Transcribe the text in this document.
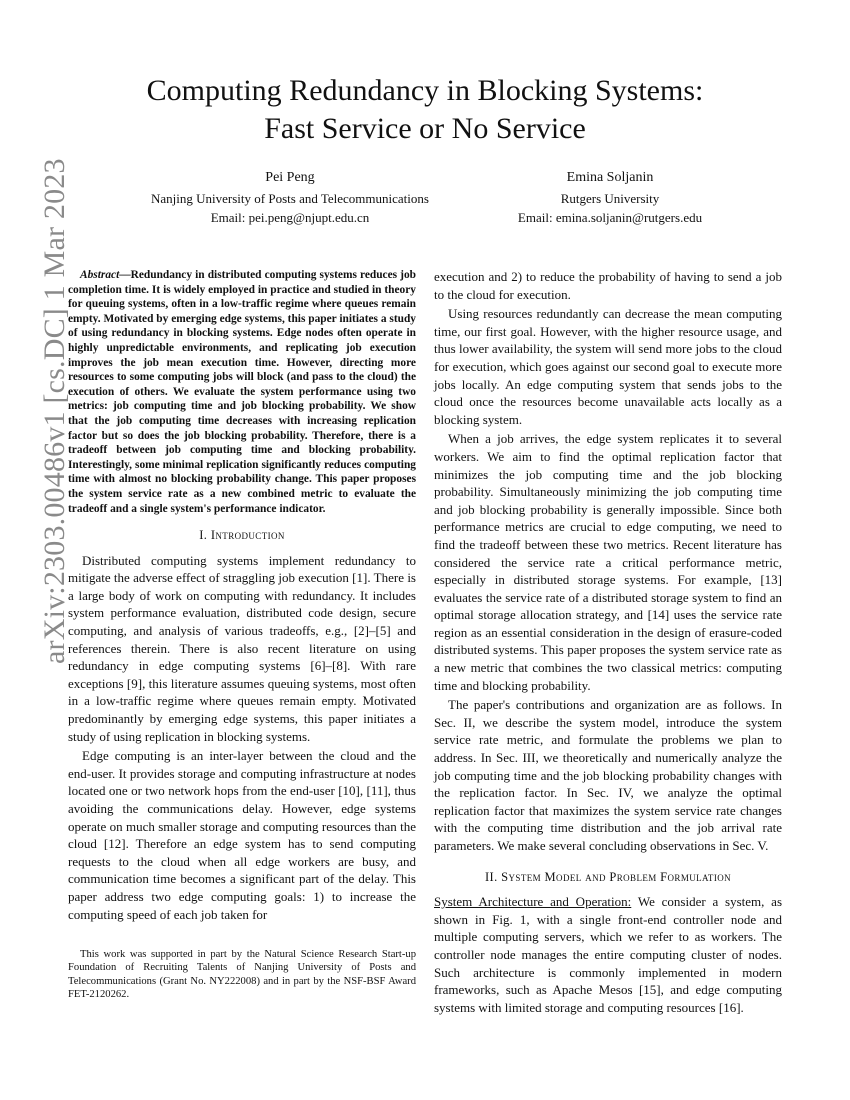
arXiv:2303.00486v1 [cs.DC] 1 Mar 2023
Computing Redundancy in Blocking Systems:
Fast Service or No Service
Pei Peng
Nanjing University of Posts and Telecommunications
Email: pei.peng@njupt.edu.cn
Emina Soljanin
Rutgers University
Email: emina.soljanin@rutgers.edu

Abstract—Redundancy in distributed computing systems reduces job completion time. It is widely employed in practice and studied in theory for queuing systems, often in a low-traffic regime where queues remain empty. Motivated by emerging edge systems, this paper initiates a study of using redundancy in blocking systems. Edge nodes often operate in highly unpredictable environments, and replicating job execution improves the job mean execution time. However, directing more resources to some computing jobs will block (and pass to the cloud) the execution of others. We evaluate the system performance using two metrics: job computing time and job blocking probability. We show that the job computing time decreases with increasing replication factor but so does the job blocking probability. Therefore, there is a tradeoff between job computing time and blocking probability. Interestingly, some minimal replication significantly reduces computing time with almost no blocking probability change. This paper proposes the system service rate as a new combined metric to evaluate the tradeoff and a single system's performance indicator.

I. Introduction

Distributed computing systems implement redundancy to mitigate the adverse effect of straggling job execution [1]. There is a large body of work on computing with redundancy. It includes system performance evaluation, distributed code design, secure computing, and analysis of various tradeoffs, e.g., [2]–[5] and references therein. There is also recent literature on using redundancy in edge computing systems [6]–[8]. With rare exceptions [9], this literature assumes queuing systems, most often in a low-traffic regime where queues remain empty. Motivated predominantly by emerging edge systems, this paper initiates a study of using replication in blocking systems.

Edge computing is an inter-layer between the cloud and the end-user. It provides storage and computing infrastructure at nodes located one or two network hops from the end-user [10], [11], thus avoiding the communications delay. However, edge systems operate on much smaller storage and computing resources than the cloud [12]. Therefore an edge system has to send computing requests to the cloud when all edge workers are busy, and communication time becomes a significant part of the delay. This paper address two edge computing goals: 1) to increase the computing speed of each job taken for

This work was supported in part by the Natural Science Research Start-up Foundation of Recruiting Talents of Nanjing University of Posts and Telecommunications (Grant No. NY222008) and in part by the NSF-BSF Award FET-2120262.

execution and 2) to reduce the probability of having to send a job to the cloud for execution.

Using resources redundantly can decrease the mean computing time, our first goal. However, with the higher resource usage, and thus lower availability, the system will send more jobs to the cloud for execution, which goes against our second goal to execute more jobs locally. An edge computing system that sends jobs to the cloud once the resources become unavailable acts locally as a blocking system.

When a job arrives, the edge system replicates it to several workers. We aim to find the optimal replication factor that minimizes the job computing time and the job blocking probability. Simultaneously minimizing the job computing time and job blocking probability is generally impossible. Since both performance metrics are crucial to edge computing, we need to find the tradeoff between these two metrics. Recent literature has considered the service rate a critical performance metric, especially in distributed storage systems. For example, [13] evaluates the service rate of a distributed storage system to find an optimal storage allocation strategy, and [14] uses the service rate region as an essential consideration in the design of erasure-coded distributed systems. This paper proposes the system service rate as a new metric that combines the two classical metrics: computing time and blocking probability.

The paper's contributions and organization are as follows. In Sec. II, we describe the system model, introduce the system service rate metric, and formulate the problems we plan to address. In Sec. III, we theoretically and numerically analyze the job computing time and the job blocking probability changes with the replication factor. In Sec. IV, we analyze the optimal replication factor that maximizes the system service rate changes with the computing time distribution and the job arrival rate parameters. We make several concluding observations in Sec. V.

II. System Model and Problem Formulation

System Architecture and Operation: We consider a system, as shown in Fig. 1, with a single front-end controller node and multiple computing servers, which we refer to as workers. The controller node manages the entire computing cluster of nodes. Such architecture is commonly implemented in modern frameworks, such as Apache Mesos [15], and edge computing systems with limited storage and computing resources [16].
